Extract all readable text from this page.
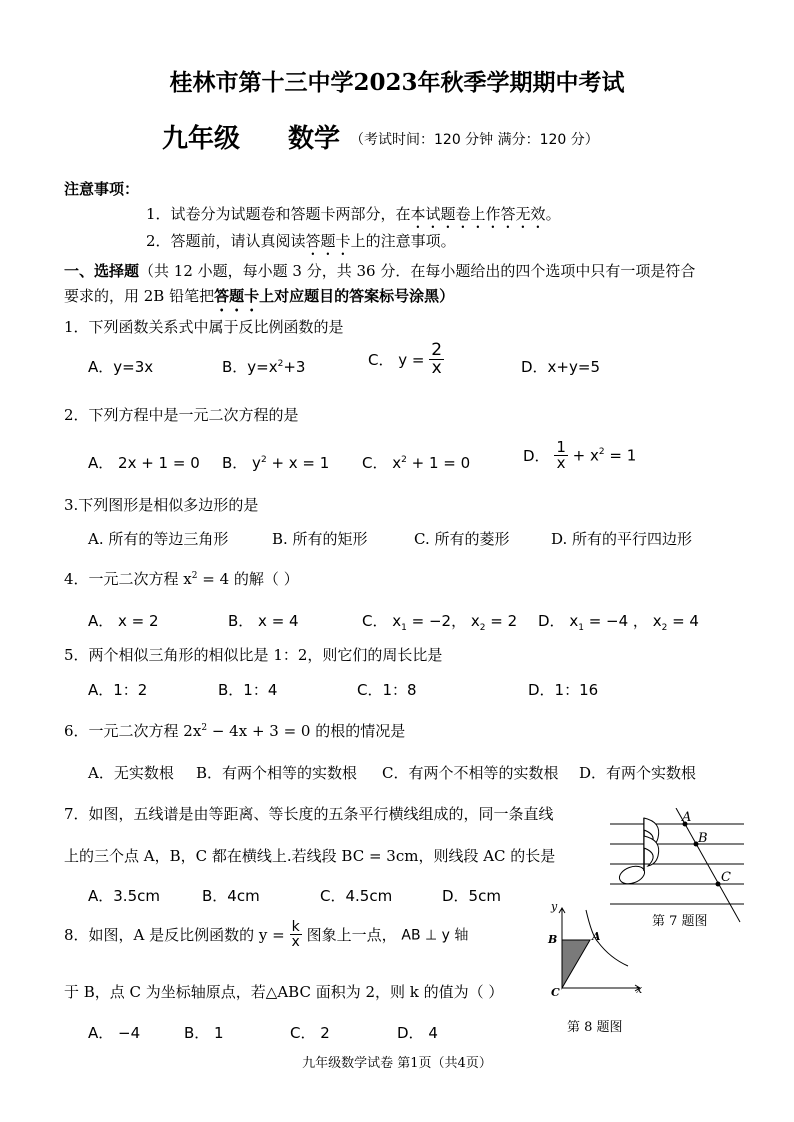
桂林市第十三中学2023年秋季学期期中考试
九年级 数学 （考试时间：120 分钟 满分：120 分）
注意事项：
1．试卷分为试题卷和答题卡两部分，在本试题卷上作答无效。
2．答题前，请认真阅读答题卡上的注意事项。
一、选择题（共 12 小题，每小题 3 分，共 36 分．在每小题给出的四个选项中只有一项是符合
要求的，用 2B 铅笔把答题卡上对应题目的答案标号涂黑）
1．下列函数关系式中属于反比例函数的是
A．y=3x	B．$y=x^2+3$	C． $y = \frac{2}{x}$	D．x+y=5
2．下列方程中是一元二次方程的是
A． 2x + 1 = 0 B． $y^2 + x = 1$ C． $x^2 + 1 = 0$	D． $\frac{1}{x} + x^2 = 1$
3.下列图形是相似多边形的是
A. 所有的等边三角形	B. 所有的矩形	C. 所有的菱形	D. 所有的平行四边形
4．一元二次方程 $x^2 = 4$ 的解（ ）
A． x = 2	B． x = 4	C． $x_1 = -2$， $x_2 = 2$ D． $x_1 = -4$ ， $x_2 = 4$
5．两个相似三角形的相似比是 1：2，则它们的周长比是
A．1：2	B．1：4	C．1：8	D．1：16
6．一元二次方程 $2x^2 - 4x + 3 = 0$ 的根的情况是
A．无实数根 B．有两个相等的实数根 C．有两个不相等的实数根 D．有两个实数根
7．如图，五线谱是由等距离、等长度的五条平行横线组成的，同一条直线
上的三个点 A，B，C 都在横线上.若线段 BC = 3cm，则线段 AC 的长是
A．3.5cm	B．4cm	C．4.5cm	D．5cm
A
B
C
第 7 题图
8．如图，A 是反比例函数的 $y = \frac{k}{x}$ 图象上一点， AB ⊥ y 轴
于 B，点 C 为坐标轴原点，若△ABC 面积为 2，则 k 的值为（ ）
A． −4	B． 1	C． 2	D． 4
y
B	A
C	x
第 8 题图
九年级数学试卷 第1页（共4页）
